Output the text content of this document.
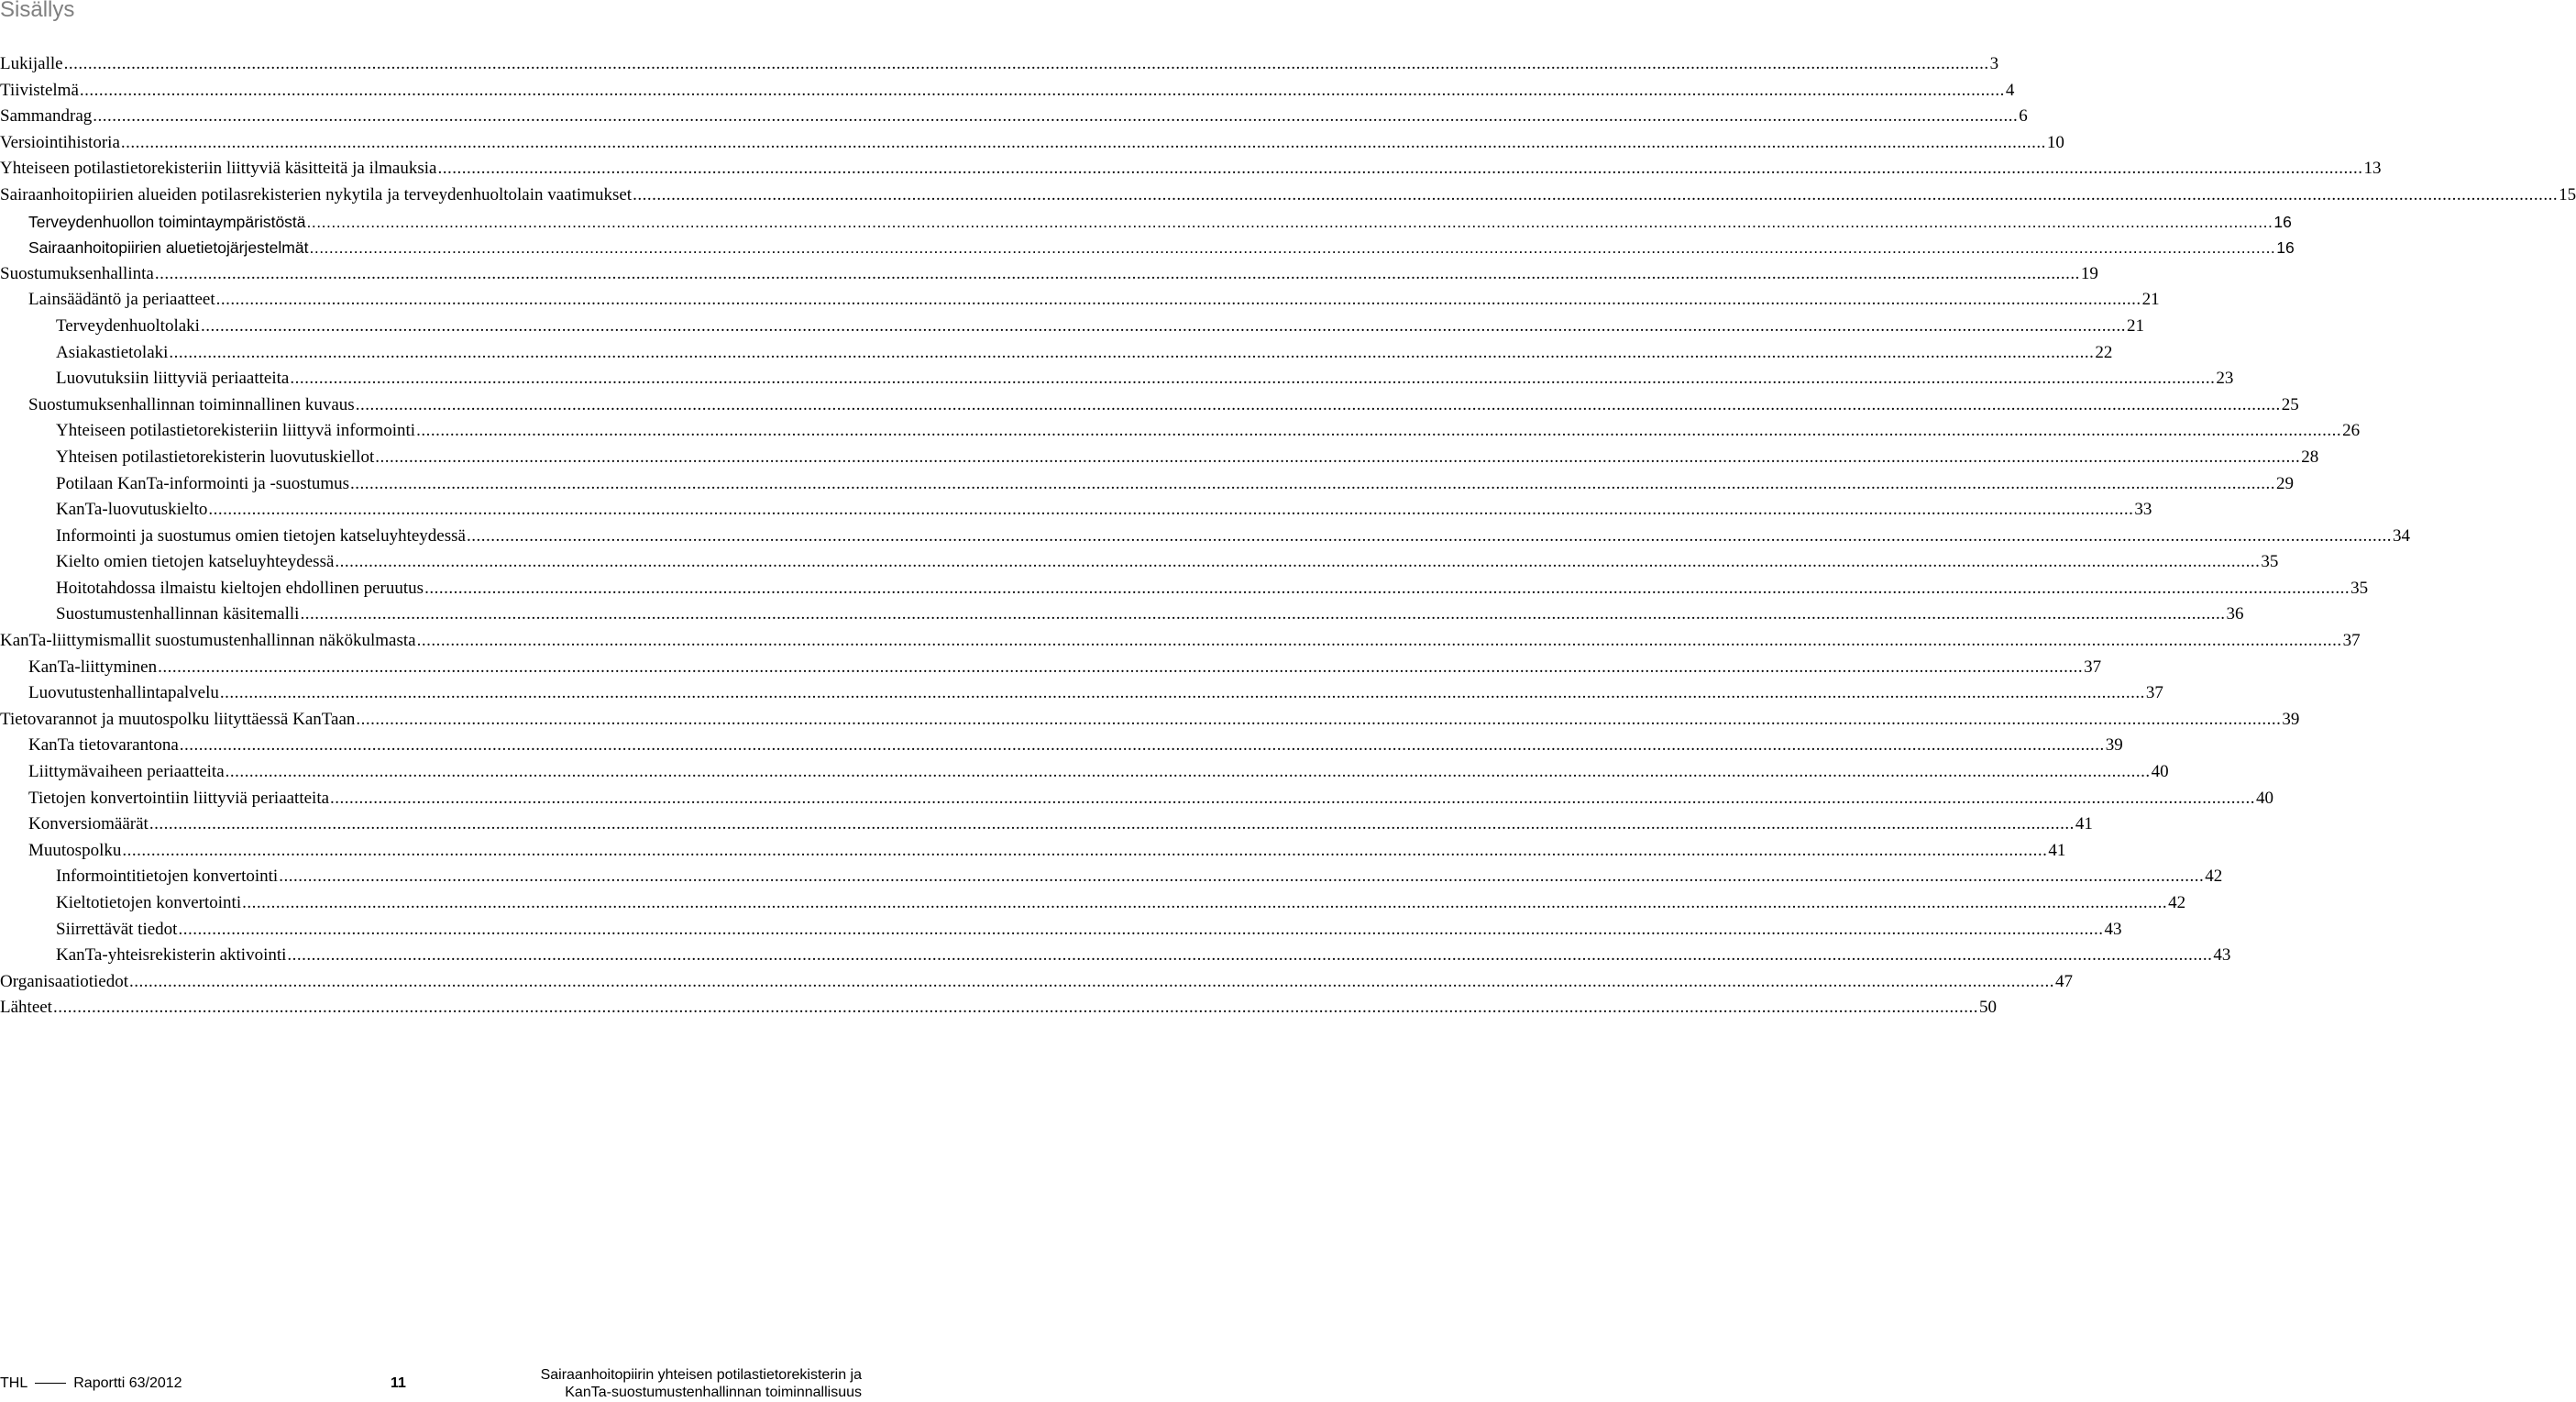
Sisällys
Lukijalle ................................................................................................................................................................................................................................................................................................................................................................................................................ 3
Tiivistelmä ................................................................................................................................................................................................................................................................................................................................................................................................................ 4
Sammandrag ................................................................................................................................................................................................................................................................................................................................................................................................................ 6
Versiointihistoria ................................................................................................................................................................................................................................................................................................................................................................................................................ 10
Yhteiseen potilastietorekisteriin liittyviä käsitteitä ja ilmauksia ................................................................................................................................................................................................................................................................................................................................................................................................................ 13
Sairaanhoitopiirien alueiden potilasrekisterien nykytila ja terveydenhuoltolain vaatimukset ................................................................................................................................................................................................................................................................................................................................................................................................................ 15
Terveydenhuollon toimintaympäristöstä ................................................................................................................................................................................................................................................................................................................................................................................................................ 16
Sairaanhoitopiirien aluetietojärjestelmät ................................................................................................................................................................................................................................................................................................................................................................................................................ 16
Suostumuksenhallinta ................................................................................................................................................................................................................................................................................................................................................................................................................ 19
Lainsäädäntö ja periaatteet ................................................................................................................................................................................................................................................................................................................................................................................................................ 21
Terveydenhuoltolaki ................................................................................................................................................................................................................................................................................................................................................................................................................ 21
Asiakastietolaki ................................................................................................................................................................................................................................................................................................................................................................................................................ 22
Luovutuksiin liittyviä periaatteita ................................................................................................................................................................................................................................................................................................................................................................................................................ 23
Suostumuksenhallinnan toiminnallinen kuvaus ................................................................................................................................................................................................................................................................................................................................................................................................................ 25
Yhteiseen potilastietorekisteriin liittyvä informointi ................................................................................................................................................................................................................................................................................................................................................................................................................ 26
Yhteisen potilastietorekisterin luovutuskiellot ................................................................................................................................................................................................................................................................................................................................................................................................................ 28
Potilaan KanTa-informointi ja -suostumus ................................................................................................................................................................................................................................................................................................................................................................................................................ 29
KanTa-luovutuskielto ................................................................................................................................................................................................................................................................................................................................................................................................................ 33
Informointi ja suostumus omien tietojen katseluyhteydessä ................................................................................................................................................................................................................................................................................................................................................................................................................ 34
Kielto omien tietojen katseluyhteydessä ................................................................................................................................................................................................................................................................................................................................................................................................................ 35
Hoitotahdossa ilmaistu kieltojen ehdollinen peruutus ................................................................................................................................................................................................................................................................................................................................................................................................................ 35
Suostumustenhallinnan käsitemalli ................................................................................................................................................................................................................................................................................................................................................................................................................ 36
KanTa-liittymismallit suostumustenhallinnan näkökulmasta ................................................................................................................................................................................................................................................................................................................................................................................................................ 37
KanTa-liittyminen ................................................................................................................................................................................................................................................................................................................................................................................................................ 37
Luovutustenhallintapalvelu ................................................................................................................................................................................................................................................................................................................................................................................................................ 37
Tietovarannot ja muutospolku liityttäessä KanTaan ................................................................................................................................................................................................................................................................................................................................................................................................................ 39
KanTa tietovarantona ................................................................................................................................................................................................................................................................................................................................................................................................................ 39
Liittymävaiheen periaatteita ................................................................................................................................................................................................................................................................................................................................................................................................................ 40
Tietojen konvertointiin liittyviä periaatteita ................................................................................................................................................................................................................................................................................................................................................................................................................ 40
Konversiomäärät ................................................................................................................................................................................................................................................................................................................................................................................................................ 41
Muutospolku ................................................................................................................................................................................................................................................................................................................................................................................................................ 41
Informointitietojen konvertointi ................................................................................................................................................................................................................................................................................................................................................................................................................ 42
Kieltotietojen konvertointi ................................................................................................................................................................................................................................................................................................................................................................................................................ 42
Siirrettävät tiedot ................................................................................................................................................................................................................................................................................................................................................................................................................ 43
KanTa-yhteisrekisterin aktivointi ................................................................................................................................................................................................................................................................................................................................................................................................................ 43
Organisaatiotiedot ................................................................................................................................................................................................................................................................................................................................................................................................................ 47
Lähteet ................................................................................................................................................................................................................................................................................................................................................................................................................ 50
THL	Raportti 63/2012	11
Sairaanhoitopiirin yhteisen potilastietorekisterin ja
KanTa-suostumustenhallinnan toiminnallisuus
